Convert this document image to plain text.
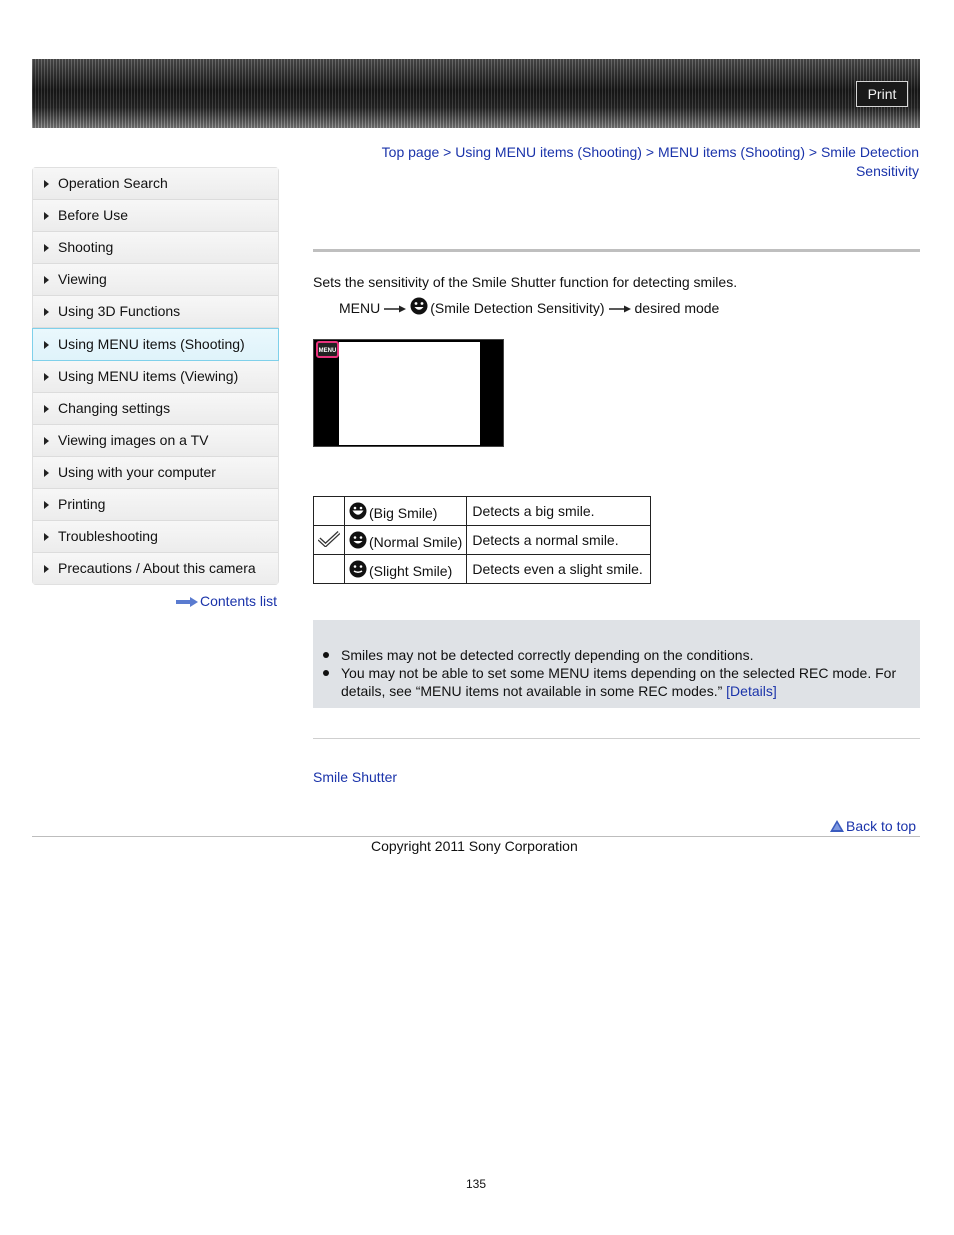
Print
Operation Search
Before Use
Shooting
Viewing
Using 3D Functions
Using MENU items (Shooting)
Using MENU items (Viewing)
Changing settings
Viewing images on a TV
Using with your computer
Printing
Troubleshooting
Precautions / About this camera
Contents list
Top page > Using MENU items (Shooting) > MENU items (Shooting) > Smile Detection Sensitivity
Sets the sensitivity of the Smile Shutter function for detecting smiles.
MENU	(Smile Detection Sensitivity) desired mode
MENU
	(Big Smile)	Detects a big smile.
	(Normal Smile)	Detects a normal smile.
	(Slight Smile)	Detects even a slight smile.
Smiles may not be detected correctly depending on the conditions.
You may not be able to set some MENU items depending on the selected REC mode. For details, see “MENU items not available in some REC modes.” [Details]
Smile Shutter
Back to top
Copyright 2011 Sony Corporation
135
